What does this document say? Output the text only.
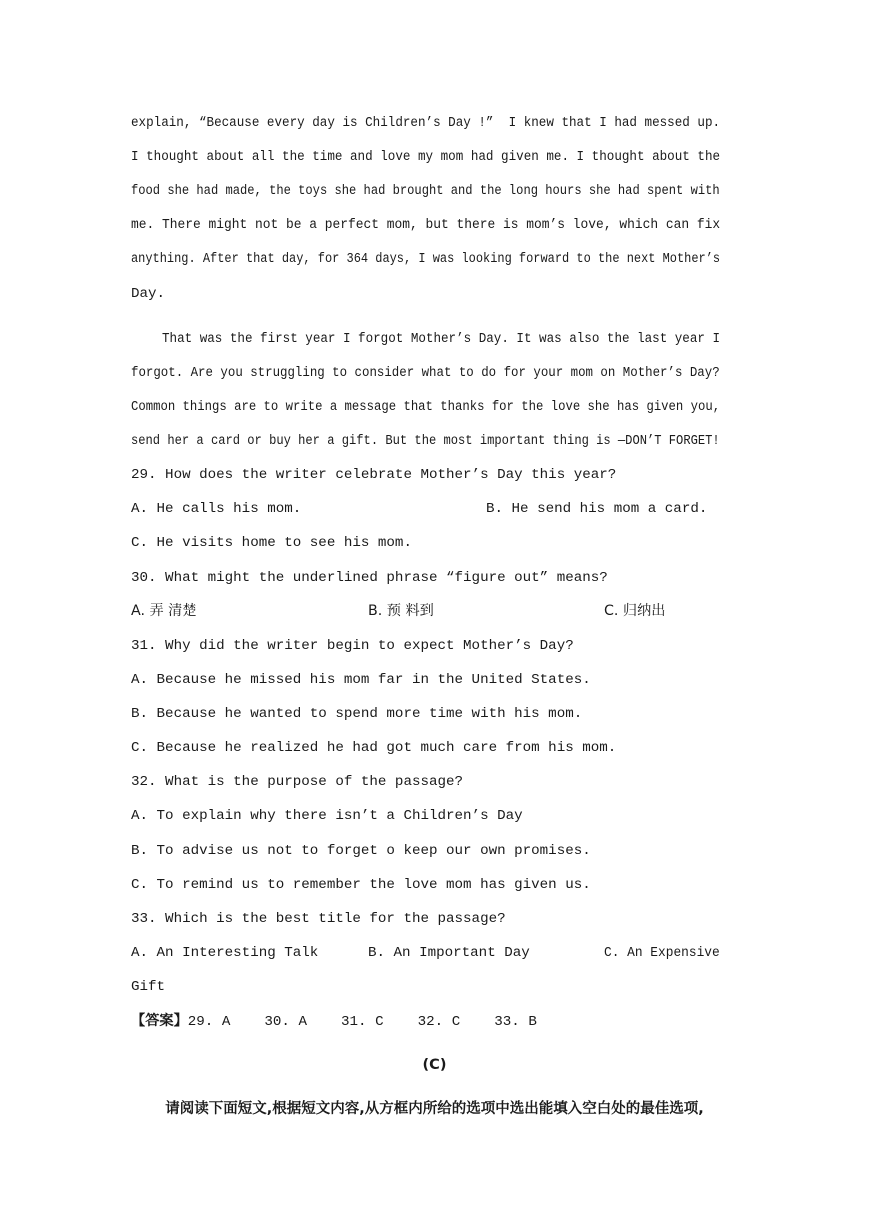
explain, “Because every day is Children’s Day !”  I knew that I had messed up.
I thought about all the time and love my mom had given me. I thought about the
food she had made, the toys she had brought and the long hours she had spent with
me. There might not be a perfect mom, but there is mom’s love, which can fix
anything. After that day, for 364 days, I was looking forward to the next Mother’s
Day.
That was the first year I forgot Mother’s Day. It was also the last year I
forgot. Are you struggling to consider what to do for your mom on Mother’s Day?
Common things are to write a message that thanks for the love she has given you,
send her a card or buy her a gift. But the most important thing is —DON’T FORGET!
29. How does the writer celebrate Mother’s Day this year?
A. He calls his mom.	B. He send his mom a card.
C. He visits home to see his mom.
30. What might the underlined phrase “figure out” means?
A. 弄 清楚	B. 预 料到	C. 归纳出
31. Why did the writer begin to expect Mother’s Day?
A. Because he missed his mom far in the United States.
B. Because he wanted to spend more time with his mom.
C. Because he realized he had got much care from his mom.
32. What is the purpose of the passage?
A. To explain why there isn’t a Children’s Day
B. To advise us not to forget o keep our own promises.
C. To remind us to remember the love mom has given us.
33. Which is the best title for the passage?
A. An Interesting Talk	B. An Important Day	C. An Expensive
Gift
【答案】29. A    30. A    31. C    32. C    33. B
(C)
请阅读下面短文,根据短文内容,从方框内所给的选项中选出能填入空白处的最佳选项,
